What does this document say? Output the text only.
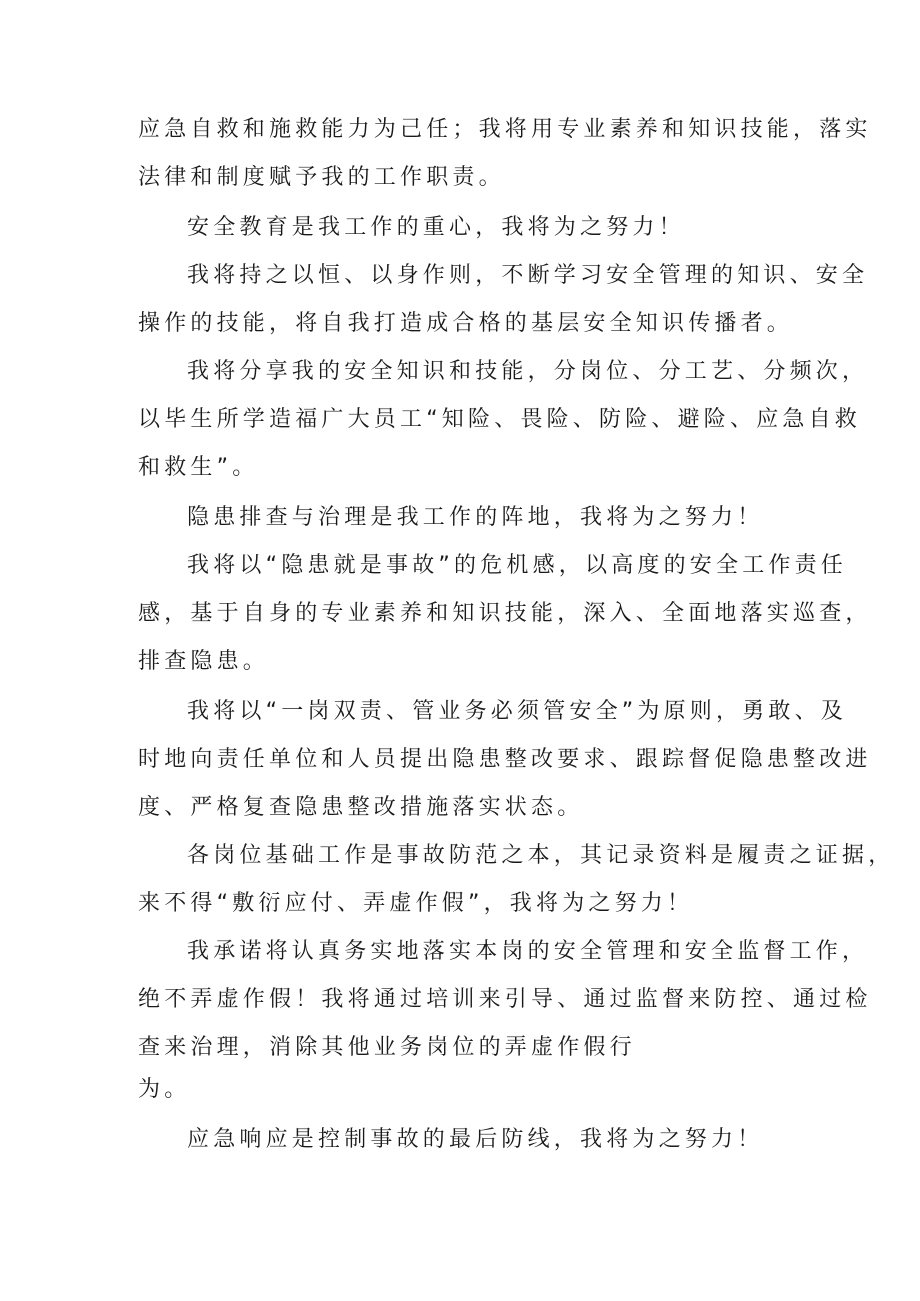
应急自救和施救能力为己任；我将用专业素养和知识技能，落实
法律和制度赋予我的工作职责。
安全教育是我工作的重心，我将为之努力！
我将持之以恒、以身作则，不断学习安全管理的知识、安全
操作的技能，将自我打造成合格的基层安全知识传播者。
我将分享我的安全知识和技能，分岗位、分工艺、分频次，
以毕生所学造福广大员工“知险、畏险、防险、避险、应急自救
和救生”。
隐患排查与治理是我工作的阵地，我将为之努力！
我将以“隐患就是事故”的危机感，以高度的安全工作责任
感，基于自身的专业素养和知识技能，深入、全面地落实巡查，
排查隐患。
我将以“一岗双责、管业务必须管安全”为原则，勇敢、及
时地向责任单位和人员提出隐患整改要求、跟踪督促隐患整改进
度、严格复查隐患整改措施落实状态。
各岗位基础工作是事故防范之本，其记录资料是履责之证据，
来不得“敷衍应付、弄虚作假”，我将为之努力！
我承诺将认真务实地落实本岗的安全管理和安全监督工作，
绝不弄虚作假！我将通过培训来引导、通过监督来防控、通过检
查来治理，消除其他业务岗位的弄虚作假行
为。
应急响应是控制事故的最后防线，我将为之努力！
